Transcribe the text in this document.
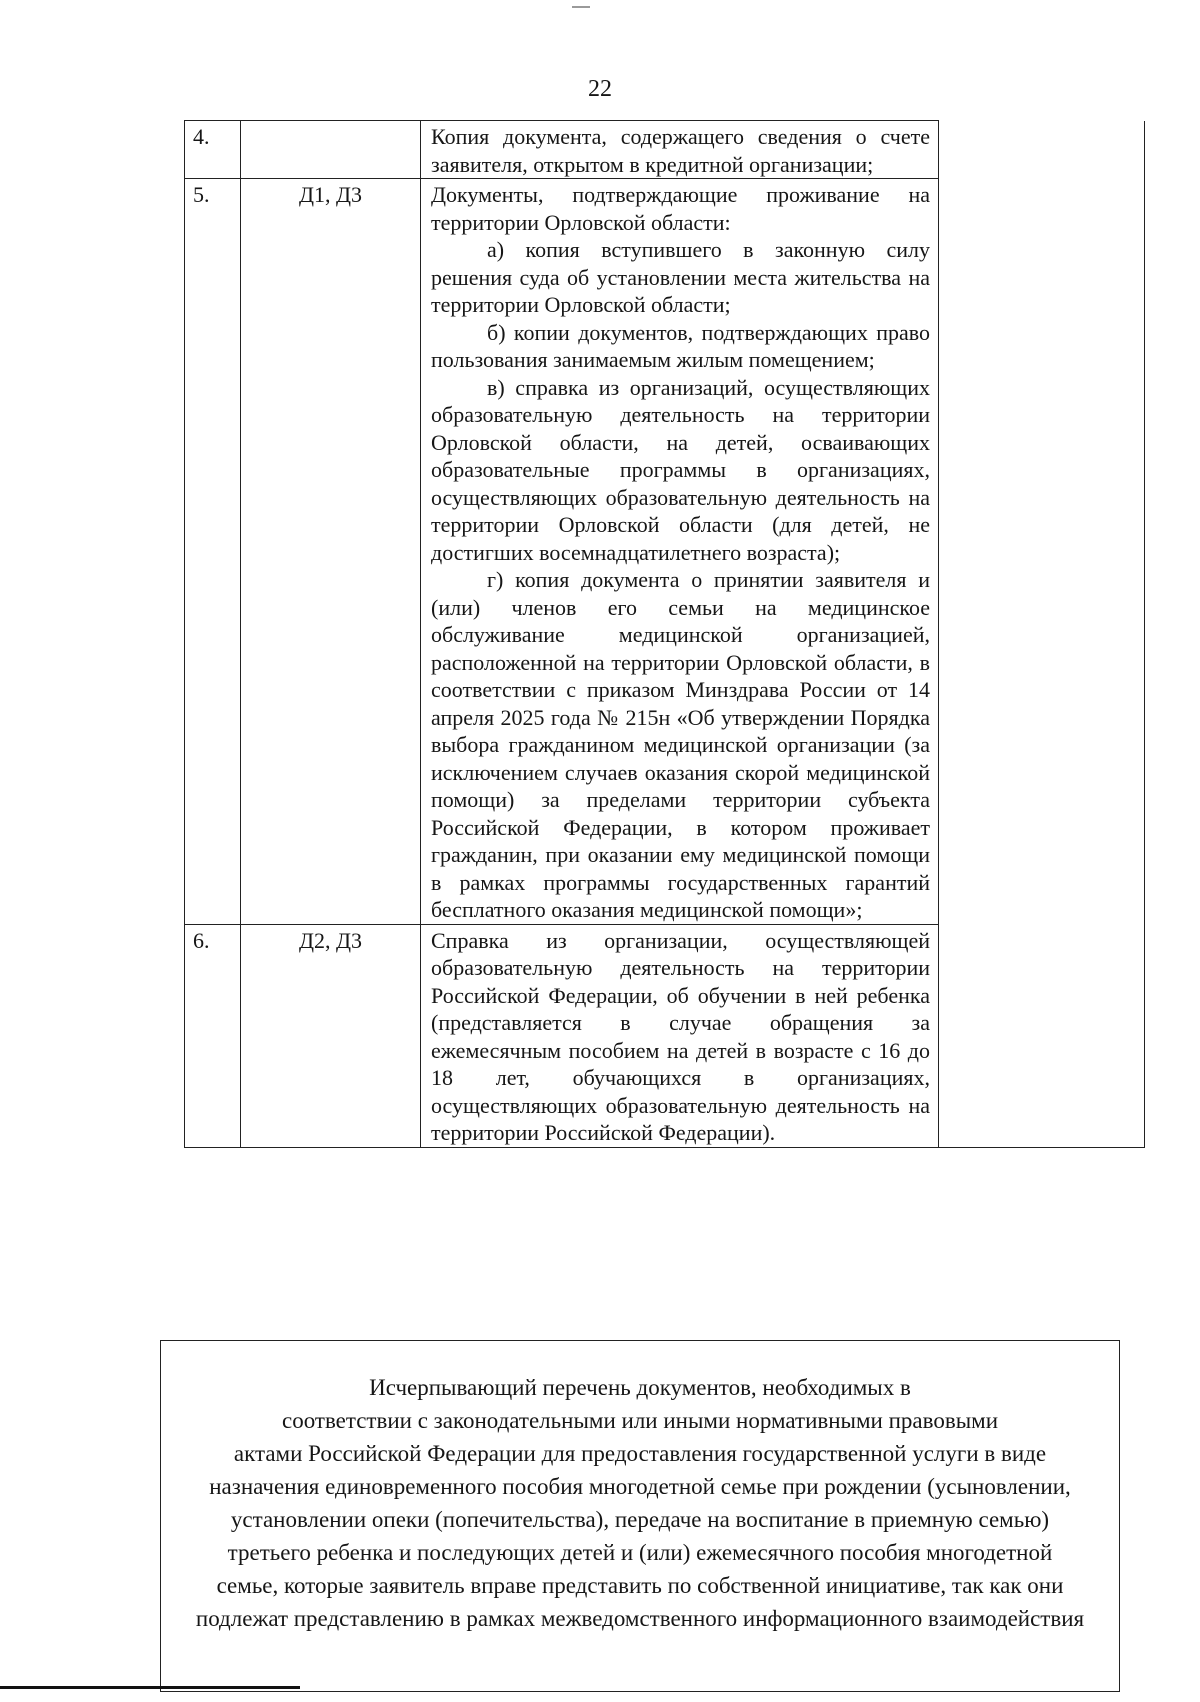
22
4.		Копия документа, содержащего сведения о счете заявителя, открытом в кредитной организации;	

5.	Д1, Д3	Документы, подтверждающие проживание на территории Орловской области:

а) копия вступившего в законную силу решения суда об установлении места жительства на территории Орловской области;

б) копии документов, подтверждающих право пользования занимаемым жилым помещением;

в) справка из организаций, осуществляющих образовательную деятельность на территории Орловской области, на детей, осваивающих образовательные программы в организациях, осуществляющих образовательную деятельность на территории Орловской области (для детей, не достигших восемнадцатилетнего возраста);

г) копия документа о принятии заявителя и (или) членов его семьи на медицинское обслуживание медицинской организацией, расположенной на территории Орловской области, в соответствии с приказом Минздрава России от 14 апреля 2025 года № 215н «Об утверждении Порядка выбора гражданином медицинской организации (за исключением случаев оказания скорой медицинской помощи) за пределами территории субъекта Российской Федерации, в котором проживает гражданин, при оказании ему медицинской помощи в рамках программы государственных гарантий бесплатного оказания медицинской помощи»;	

6.	Д2, Д3	Справка из организации, осуществляющей образовательную деятельность на территории Российской Федерации, об обучении в ней ребенка (представляется в случае обращения за ежемесячным пособием на детей в возрасте с 16 до 18 лет, обучающихся в организациях, осуществляющих образовательную деятельность на территории Российской Федерации).	

Исчерпывающий перечень документов, необходимых в
соответствии с законодательными или иными нормативными правовыми
актами Российской Федерации для предоставления государственной услуги в виде
назначения единовременного пособия многодетной семье при рождении (усыновлении,
установлении опеки (попечительства), передаче на воспитание в приемную семью)
третьего ребенка и последующих детей и (или) ежемесячного пособия многодетной
семье, которые заявитель вправе представить по собственной инициативе, так как они
подлежат представлению в рамках межведомственного информационного взаимодействия
